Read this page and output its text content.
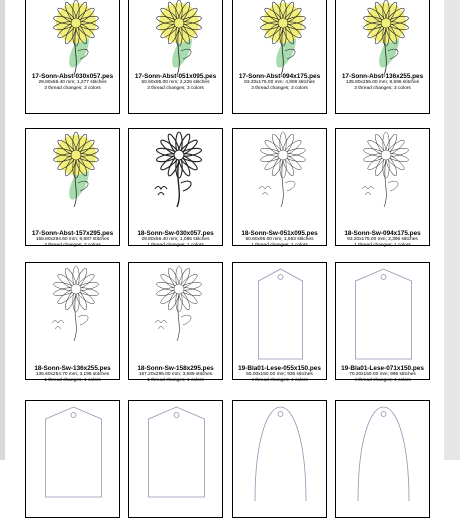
17-Sonn-Abst-030x057.pes
29.80x56.40 mm; 1,277 stitches
3 thread changes; 3 colors
17-Sonn-Abst-051x095.pes
50.60x95.00 mm; 2,226 stitches
3 thread changes; 3 colors
17-Sonn-Abst-094x175.pes
93.20x175.00 mm; 4,908 stitches
3 thread changes; 3 colors
17-Sonn-Abst-136x255.pes
135.80x255.00 mm; 8,596 stitches
3 thread changes; 3 colors
17-Sonn-Abst-157x295.pes
156.80x294.60 mm; 8,887 stitches
3 thread changes; 3 colors
18-Sonn-Sw-030x057.pes
29.80x56.40 mm; 1,085 stitches
1 thread changes; 1 colors
18-Sonn-Sw-051x095.pes
50.60x95.00 mm; 1,553 stitches
1 thread changes; 1 colors
18-Sonn-Sw-094x175.pes
93.20x175.00 mm; 2,396 stitches
1 thread changes; 1 colors
18-Sonn-Sw-136x255.pes
135.60x254.70 mm; 3,198 stitches
1 thread changes; 1 colors
18-Sonn-Sw-158x295.pes
157.20x295.00 mm; 3,589 stitches
1 thread changes; 1 colors
19-Bla01-Lese-055x150.pes
55.00x150.00 mm; 936 stitches
4 thread changes; 4 colors
19-Bla01-Lese-071x150.pes
70.20x150.00 mm; 996 stitches
4 thread changes; 4 colors
